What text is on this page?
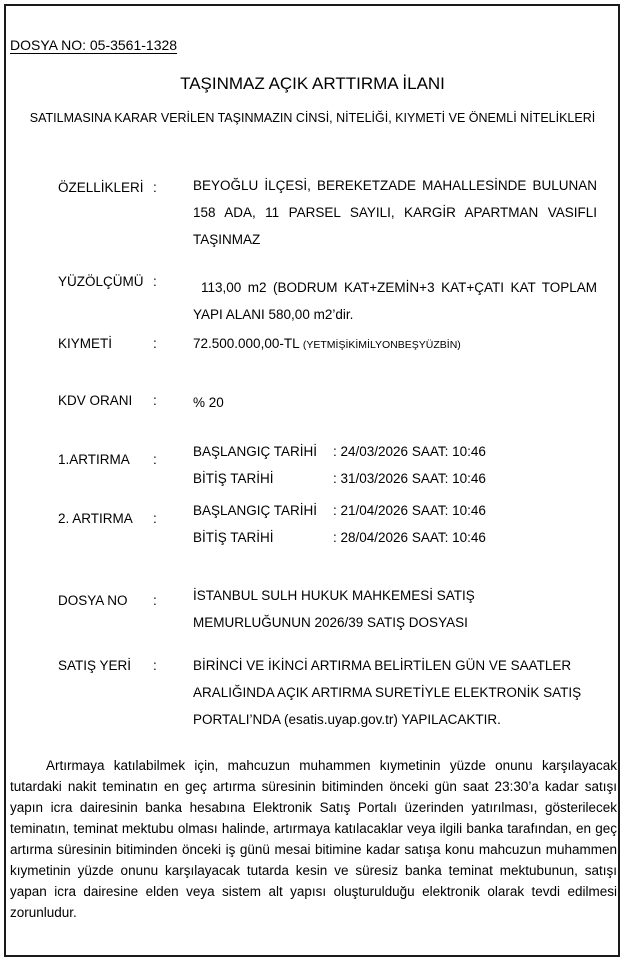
DOSYA NO: 05-3561-1328
TAŞINMAZ AÇIK ARTTIRMA İLANI
SATILMASINA KARAR VERİLEN TAŞINMAZIN CİNSİ, NİTELİĞİ, KIYMETİ VE ÖNEMLİ NİTELİKLERİ
ÖZELLİKLERİ :	BEYOĞLU İLÇESİ, BEREKETZADE MAHALLESİNDE BULUNAN 158 ADA, 11 PARSEL SAYILI, KARGİR APARTMAN VASIFLI TAŞINMAZ
YÜZÖLÇÜMÜ :	113,00 m2 (BODRUM KAT+ZEMİN+3 KAT+ÇATI KAT TOPLAM YAPI ALANI 580,00 m2’dir.
KIYMETİ	:	72.500.000,00-TL (YETMİŞİKİMİLYONBEŞYÜZBİN)
KDV ORANI	:	% 20
1.ARTIRMA	:
BAŞLANGIÇ TARİHİ : 24/03/2026 SAAT: 10:46
BİTİŞ TARİHİ	: 31/03/2026 SAAT: 10:46
2. ARTIRMA	:
BAŞLANGIÇ TARİHİ : 21/04/2026 SAAT: 10:46
BİTİŞ TARİHİ	: 28/04/2026 SAAT: 10:46
DOSYA NO	:	İSTANBUL SULH HUKUK MAHKEMESİ SATIŞ
MEMURLUĞUNUN 2026/39 SATIŞ DOSYASI
SATIŞ YERİ	:	BİRİNCİ VE İKİNCİ ARTIRMA BELİRTİLEN GÜN VE SAATLER
ARALIĞINDA AÇIK ARTIRMA SURETİYLE ELEKTRONİK SATIŞ
PORTALI’NDA (esatis.uyap.gov.tr) YAPILACAKTIR.

Artırmaya katılabilmek için, mahcuzun muhammen kıymetinin yüzde onunu karşılayacak tutardaki nakit teminatın en geç artırma süresinin bitiminden önceki gün saat 23:30’a kadar satışı yapın icra dairesinin banka hesabına Elektronik Satış Portalı üzerinden yatırılması, gösterilecek teminatın, teminat mektubu olması halinde, artırmaya katılacaklar veya ilgili banka tarafından, en geç artırma süresinin bitiminden önceki iş günü mesai bitimine kadar satışa konu mahcuzun muhammen kıymetinin yüzde onunu karşılayacak tutarda kesin ve süresiz banka teminat mektubunun, satışı yapan icra dairesine elden veya sistem alt yapısı oluşturulduğu elektronik olarak tevdi edilmesi zorunludur.
